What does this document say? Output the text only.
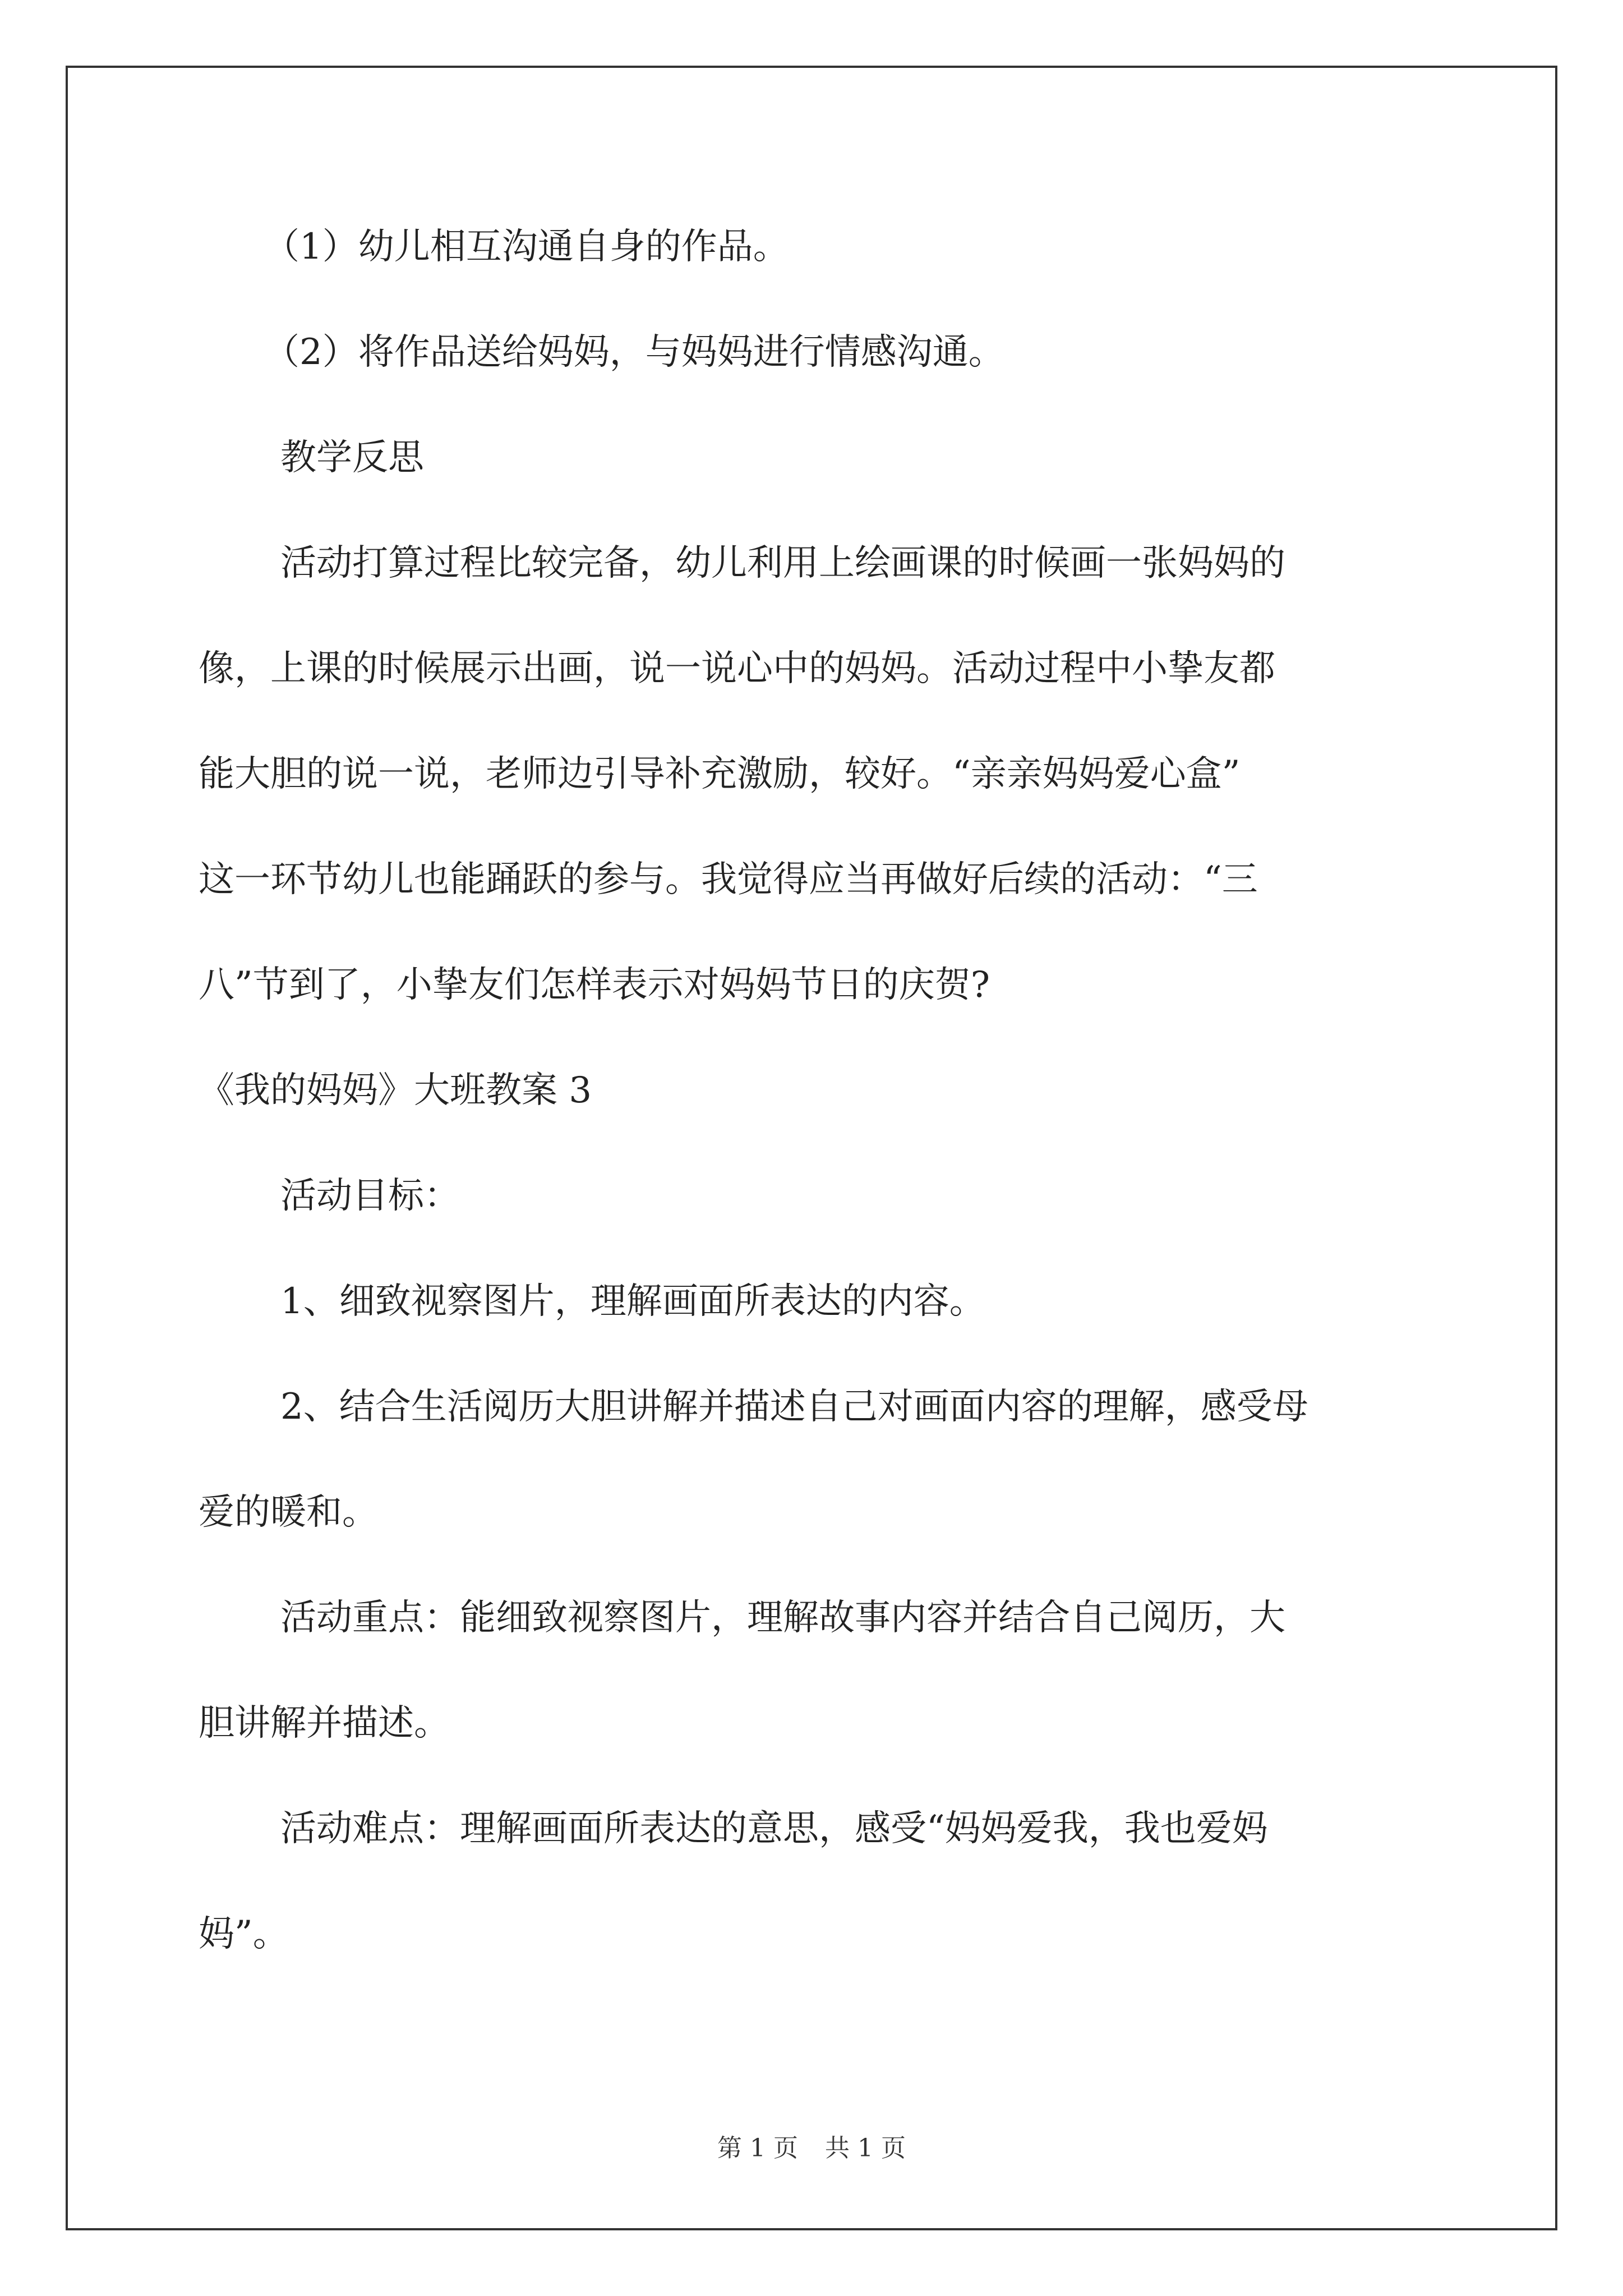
（1）幼儿相互沟通自身的作品。
（2）将作品送给妈妈，与妈妈进行情感沟通。
教学反思
活动打算过程比较完备，幼儿利用上绘画课的时候画一张妈妈的
像，上课的时候展示出画，说一说心中的妈妈。活动过程中小挚友都
能大胆的说一说，老师边引导补充激励，较好。“亲亲妈妈爱心盒”
这一环节幼儿也能踊跃的参与。我觉得应当再做好后续的活动：“三
八”节到了，小挚友们怎样表示对妈妈节日的庆贺?
《我的妈妈》大班教案 3
活动目标：
1、细致视察图片，理解画面所表达的内容。
2、结合生活阅历大胆讲解并描述自己对画面内容的理解，感受母
爱的暖和。
活动重点：能细致视察图片，理解故事内容并结合自己阅历，大
胆讲解并描述。
活动难点：理解画面所表达的意思，感受“妈妈爱我，我也爱妈
妈”。
第 1 页 共 1 页
